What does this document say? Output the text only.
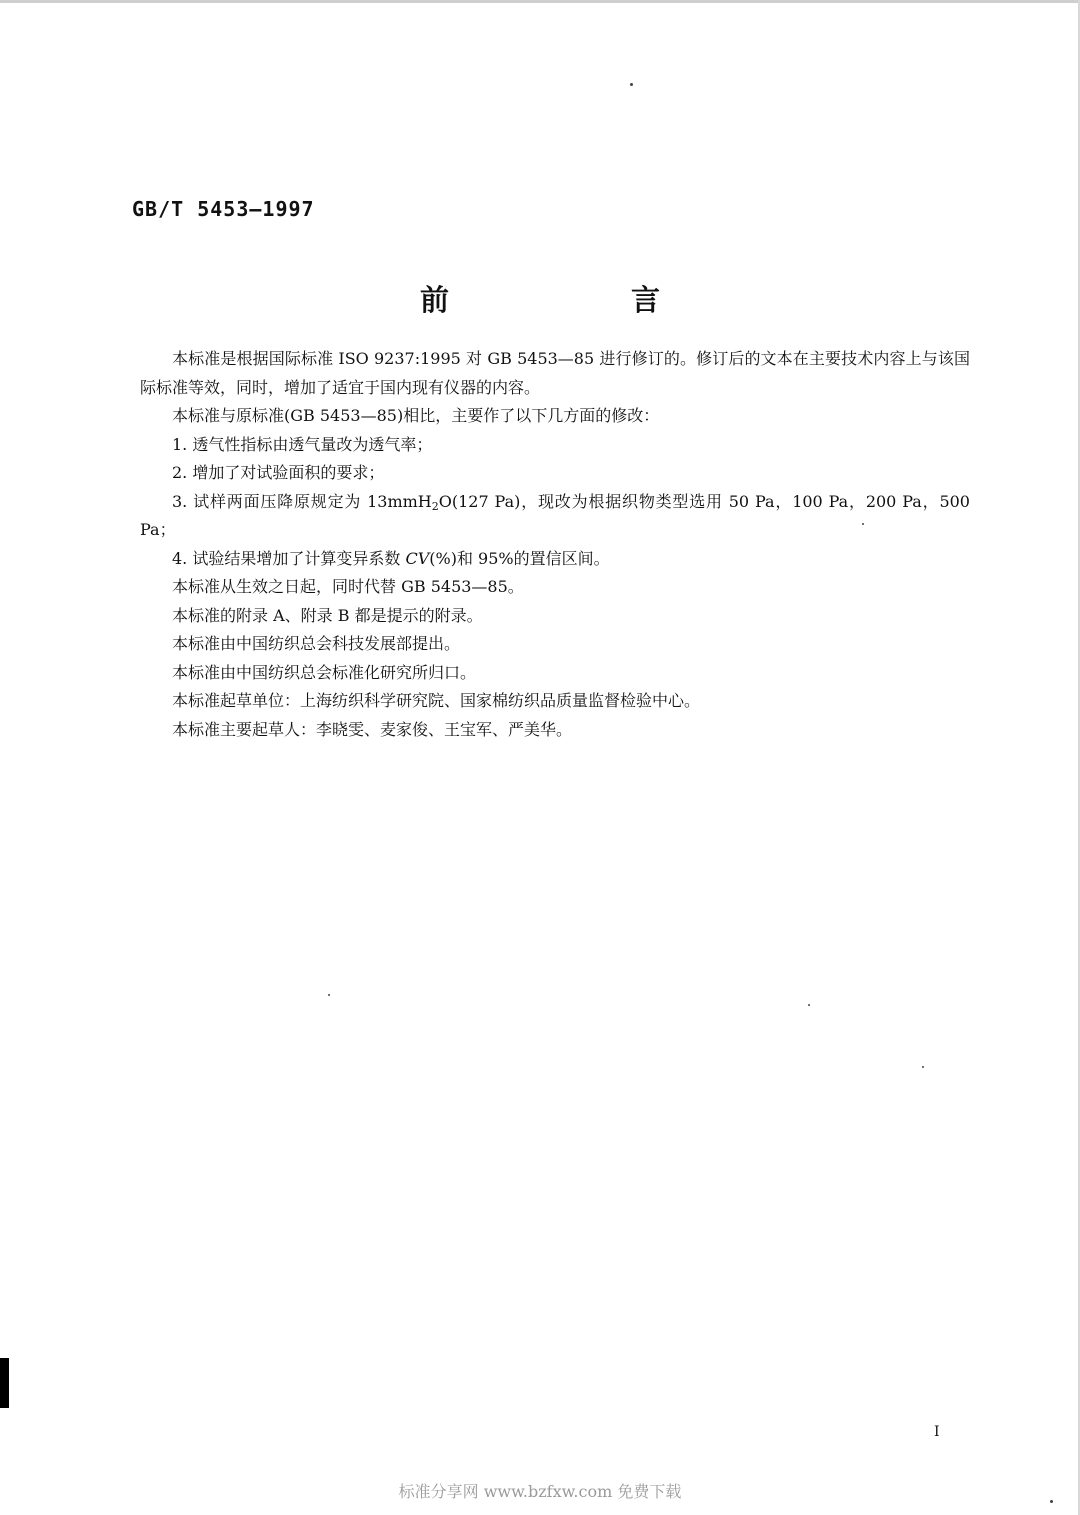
GB/T 5453—1997
前 言

本标准是根据国际标准 ISO 9237:1995 对 GB 5453—85 进行修订的。修订后的文本在主要技术内容上与该国际标准等效，同时，增加了适宜于国内现有仪器的内容。

本标准与原标准(GB 5453—85)相比，主要作了以下几方面的修改：

1. 透气性指标由透气量改为透气率；

2. 增加了对试验面积的要求；

3. 试样两面压降原规定为 13mmH$_2$O(127 Pa)，现改为根据织物类型选用 50 Pa，100 Pa，200 Pa，500 Pa；

4. 试验结果增加了计算变异系数 CV(%)和 95%的置信区间。

本标准从生效之日起，同时代替 GB 5453—85。

本标准的附录 A、附录 B 都是提示的附录。

本标准由中国纺织总会科技发展部提出。

本标准由中国纺织总会标准化研究所归口。

本标准起草单位：上海纺织科学研究院、国家棉纺织品质量监督检验中心。

本标准主要起草人：李晓雯、麦家俊、王宝军、严美华。

I
标准分享网 www.bzfxw.com 免费下载
